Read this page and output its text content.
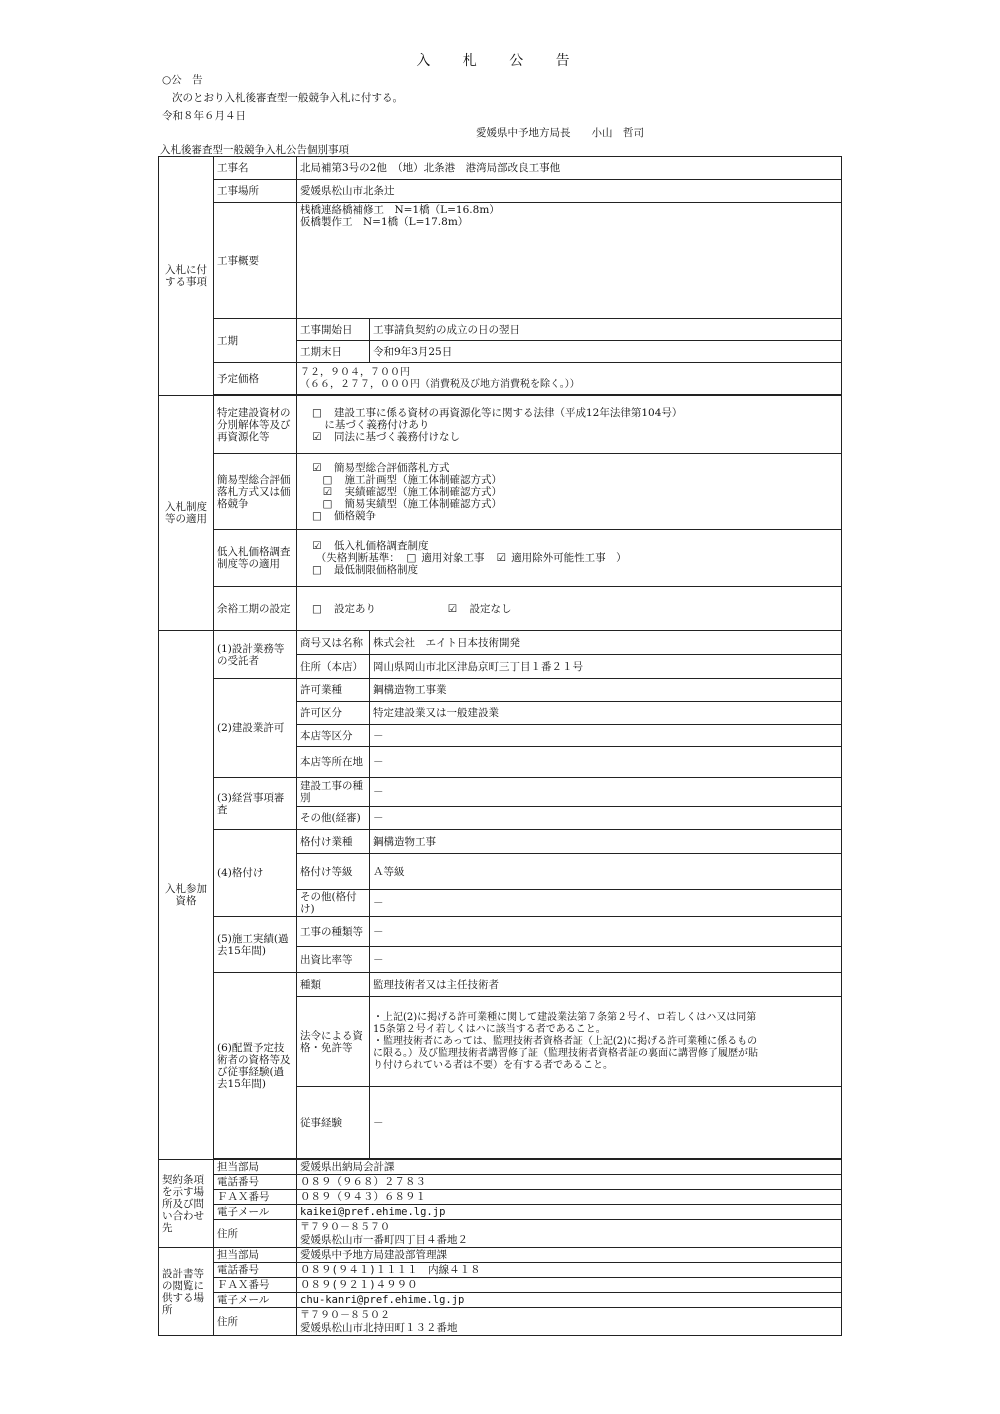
入 札 公 告
○公　告
次のとおり入札後審査型一般競争入札に付する。
令和８年６月４日
愛媛県中予地方局長　　小山　哲司
入札後審査型一般競争入札公告個別事項
入札に付する事項	工事名	北局補第3号の2他　（地）北条港　港湾局部改良工事他	
	工事場所	愛媛県松山市北条辻	
	工事概要	桟橋連絡橋補修工　N=1橋（L=16.8m）
仮橋製作工　N=1橋（L=17.8m）	

	工期	工事開始日	工事請負契約の成立の日の翌日
		工期末日	令和9年3月25日
	予定価格	７２，９０４，７００円
（６６，２７７，０００円（消費税及び地方消費税を除く。））	

入札制度等の適用	特定建設資材の分別解体等及び再資源化等	
　□　 建設工事に係る資材の再資源化等に関する法律（平成12年法律第104号）
　　 に基づく義務付けあり
　☑　 同法に基づく義務付けなし	

	簡易型総合評価落札方式又は価格競争	
　☑　 簡易型総合評価落札方式
　　□　 施工計画型（施工体制確認方式）
　　☑　 実績確認型（施工体制確認方式）
　　□　 簡易実績型（施工体制確認方式）
　□　 価格競争	

	低入札価格調査制度等の適用	
　☑　 低入札価格調査制度
　　（失格判断基準：　 □ 適用対象工事　 ☑ 適用除外可能性工事　）
　□　 最低制限価格制度	

	余裕工期の設定	
　□　 設定あり ☑　 設定なし	

入札参加資格	(1)設計業務等の受託者	商号又は名称	株式会社　エイト日本技術開発
		住所（本店）	岡山県岡山市北区津島京町三丁目１番２１号
	(2)建設業許可	許可業種	鋼構造物工事業
		許可区分	特定建設業又は一般建設業
		本店等区分	－
		本店等所在地	－
	(3)経営事項審査	建設工事の種別	－
		その他(経審)	－
	(4)格付け	格付け業種	鋼構造物工事
		格付け等級	Ａ等級
		その他(格付け)	－
	(5)施工実績(過去15年間)	工事の種類等	－
		出資比率等	－
	(6)配置予定技術者の資格等及び従事経験(過去15年間)	種類	監理技術者又は主任技術者
		法令による資格・免許等	・上記(2)に掲げる許可業種に関して建設業法第７条第２号イ、ロ若しくはハ又は同第
15条第２号イ若しくはハに該当する者であること。
・監理技術者にあっては、監理技術者資格者証（上記(2)に掲げる許可業種に係るもの
に限る。）及び監理技術者講習修了証（監理技術者資格者証の裏面に講習修了履歴が貼
り付けられている者は不要）を有する者であること。

		従事経験	－

契約条項を示す場所及び問い合わせ先	担当部局	愛媛県出納局会計課	
	電話番号	０８９（９６８）２７８３	
	ＦＡＸ番号	０８９（９４３）６８９１	
	電子メール	kaikei@pref.ehime.lg.jp	
	住所	〒７９０－８５７０
愛媛県松山市一番町四丁目４番地２	

設計書等の閲覧に供する場所	担当部局	愛媛県中予地方局建設部管理課	
	電話番号	０８９(９４１)１１１１　内線４１８	
	ＦＡＸ番号	０８９(９２１)４９９０	
	電子メール	chu-kanri@pref.ehime.lg.jp	
	住所	〒７９０－８５０２
愛媛県松山市北持田町１３２番地	
